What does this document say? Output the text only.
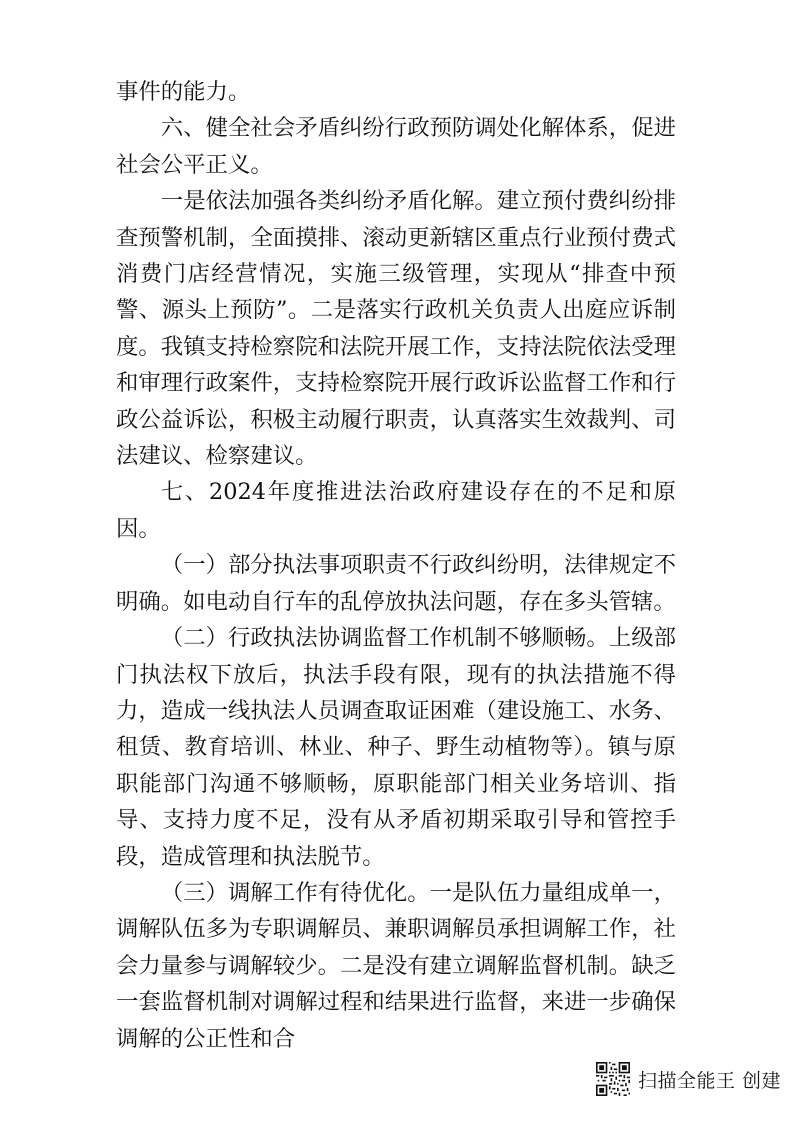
事件的能力。

六、健全社会矛盾纠纷行政预防调处化解体系，促进社会公平正义。

一是依法加强各类纠纷矛盾化解。建立预付费纠纷排查预警机制，全面摸排、滚动更新辖区重点行业预付费式消费门店经营情况，实施三级管理，实现从“排查中预警、源头上预防”。二是落实行政机关负责人出庭应诉制度。我镇支持检察院和法院开展工作，支持法院依法受理和审理行政案件，支持检察院开展行政诉讼监督工作和行政公益诉讼，积极主动履行职责，认真落实生效裁判、司法建议、检察建议。

七、2024年度推进法治政府建设存在的不足和原因。

（一）部分执法事项职责不行政纠纷明，法律规定不明确。如电动自行车的乱停放执法问题，存在多头管辖。

（二）行政执法协调监督工作机制不够顺畅。上级部门执法权下放后，执法手段有限，现有的执法措施不得力，造成一线执法人员调查取证困难（建设施工、水务、租赁、教育培训、林业、种子、野生动植物等）。镇与原职能部门沟通不够顺畅，原职能部门相关业务培训、指导、支持力度不足，没有从矛盾初期采取引导和管控手段，造成管理和执法脱节。

（三）调解工作有待优化。一是队伍力量组成单一，调解队伍多为专职调解员、兼职调解员承担调解工作，社会力量参与调解较少。二是没有建立调解监督机制。缺乏一套监督机制对调解过程和结果进行监督，来进一步确保调解的公正性和合

扫描全能王 创建
